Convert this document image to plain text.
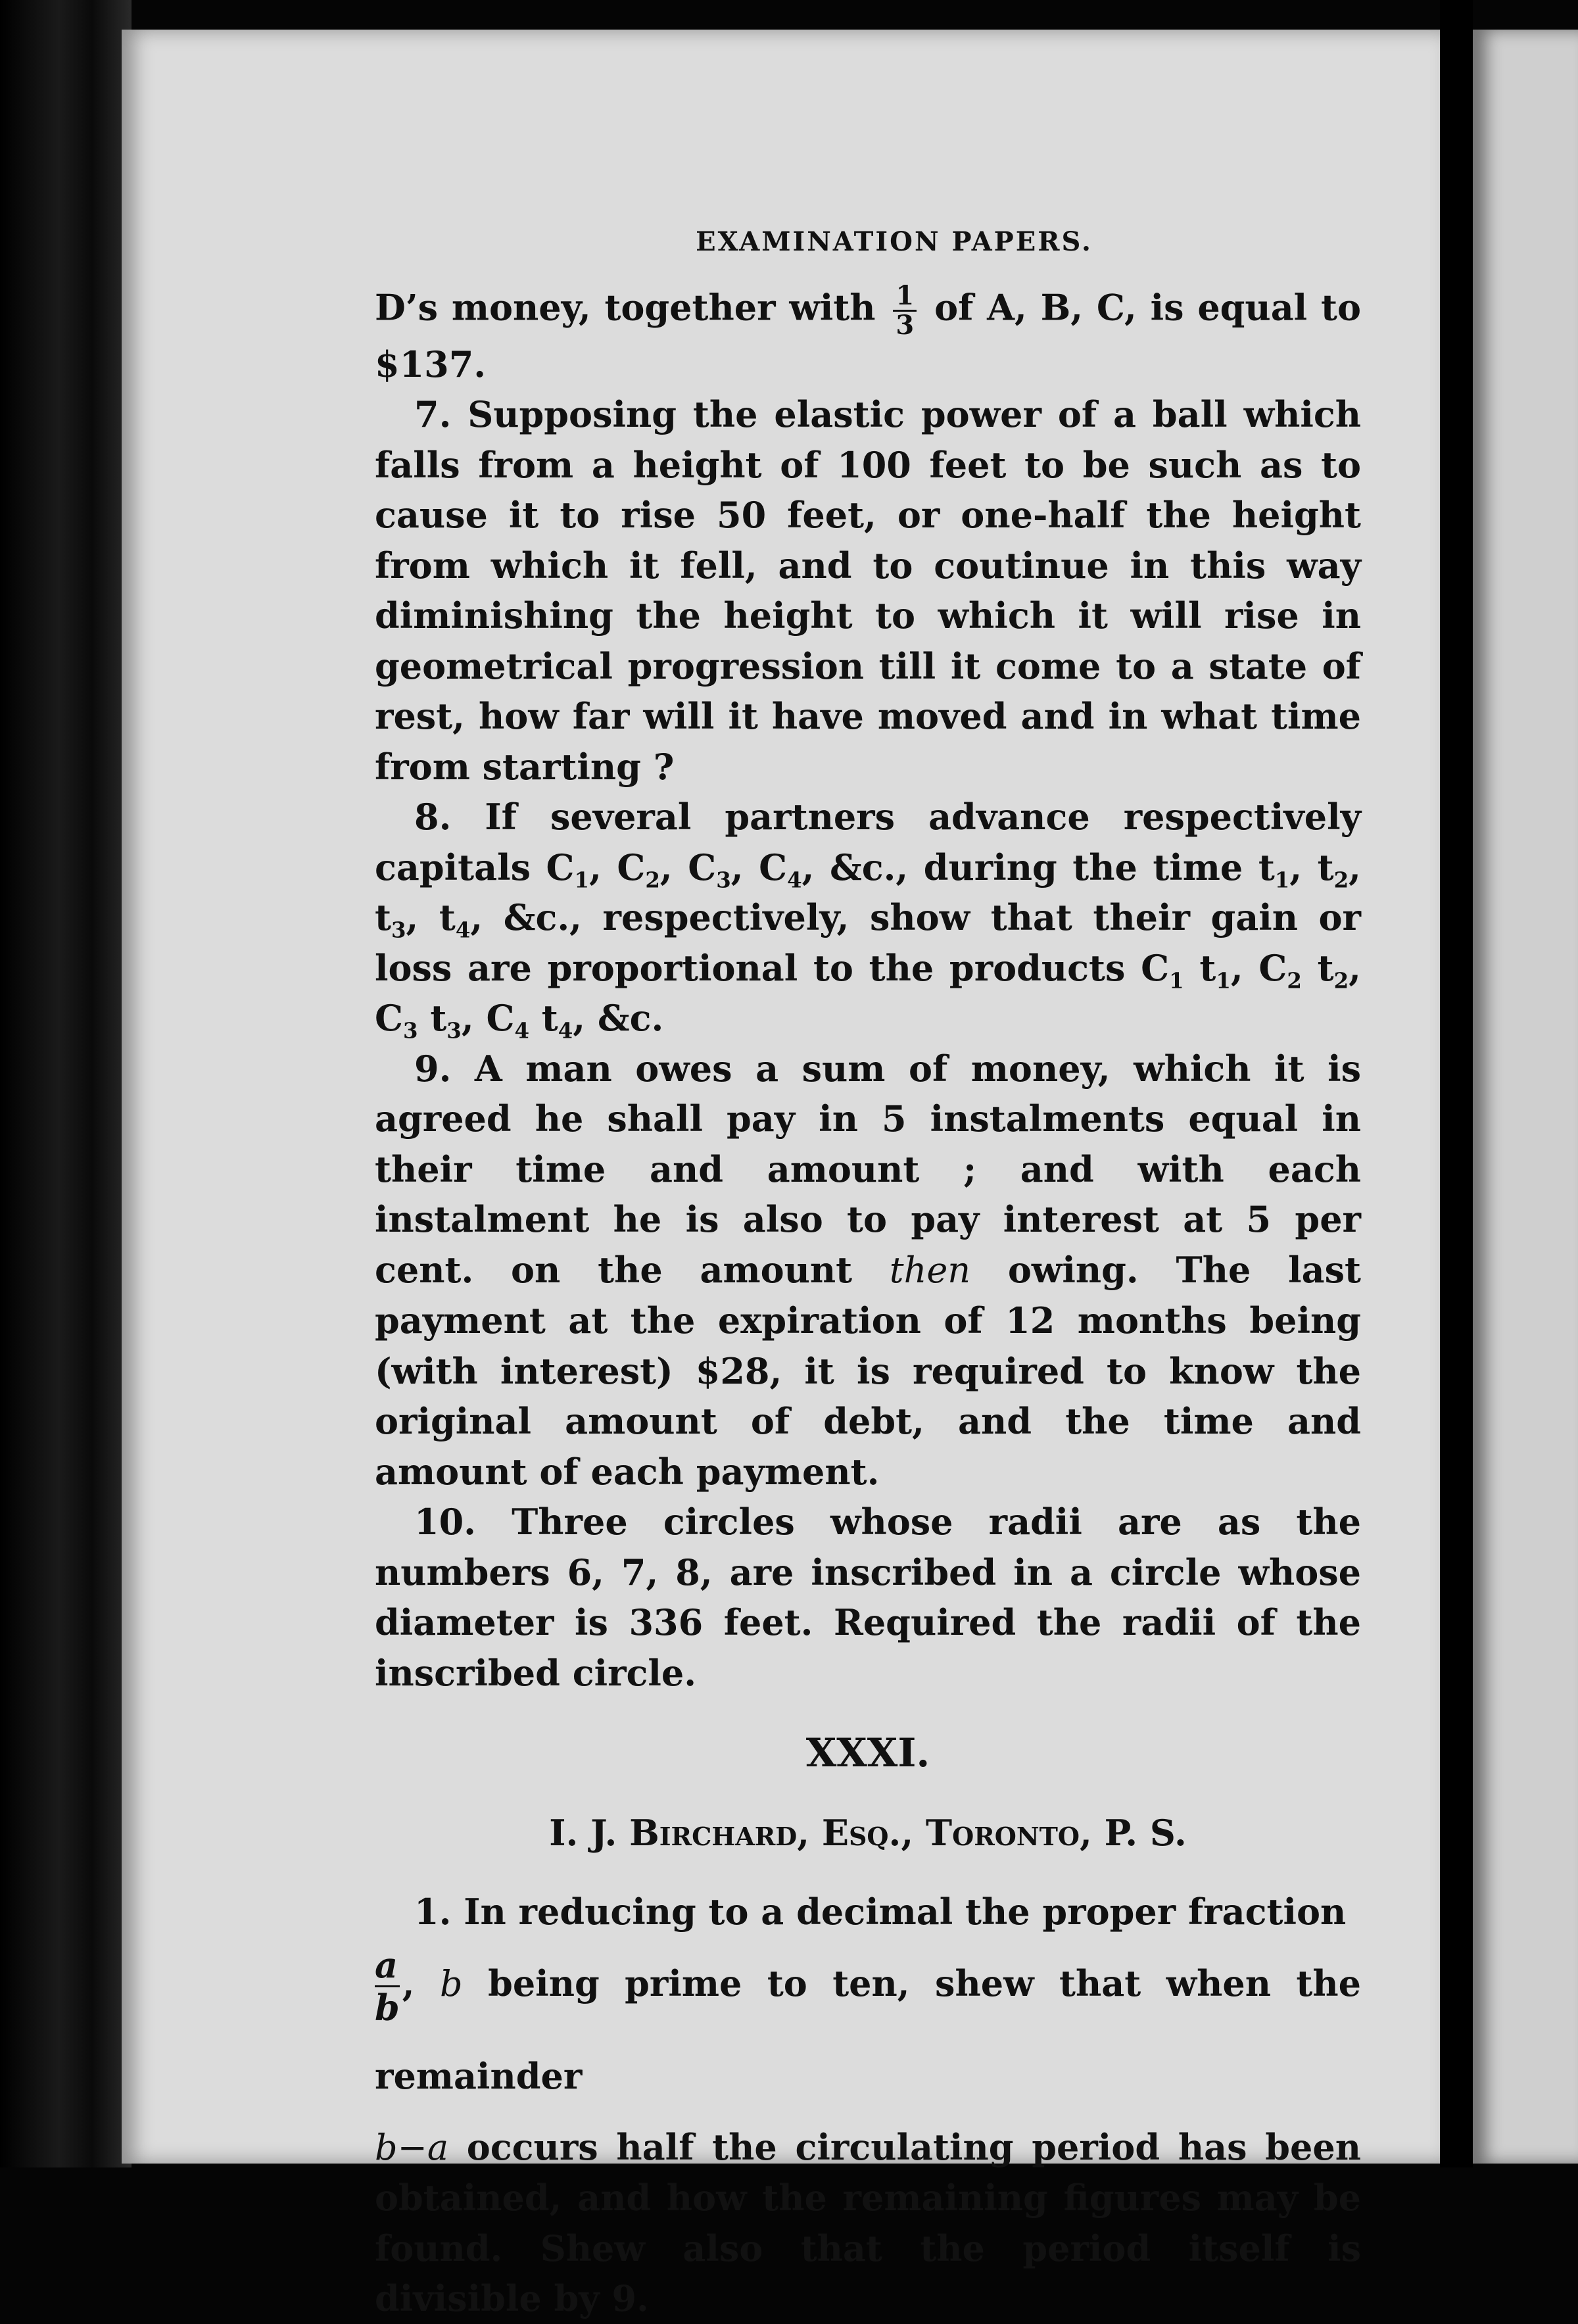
EXAMINATION PAPERS.

D’s money, together with $\frac{1}{3}$ of A, B, C, is equal to $137.

7. Supposing the elastic power of a ball which falls from a height of 100 feet to be such as to cause it to rise 50 feet, or one-half the height from which it fell, and to coutinue in this way diminishing the height to which it will rise in geometrical progression till it come to a state of rest, how far will it have moved and in what time from starting ?

8. If several partners advance respectively capitals $C_1$, $C_2$, $C_3$, $C_4$, &c., during the time $t_1$, $t_2$, $t_3$, $t_4$, &c., respectively, show that their gain or loss are proportional to the products $C_1$ $t_1$, $C_2$ $t_2$, $C_3$ $t_3$, $C_4$ $t_4$, &c.

9. A man owes a sum of money, which it is agreed he shall pay in 5 instalments equal in their time and amount ; and with each instalment he is also to pay interest at 5 per cent. on the amount then owing. The last payment at the expiration of 12 months being (with interest) $28, it is required to know the original amount of debt, and the time and amount of each payment.

10. Three circles whose radii are as the numbers 6, 7, 8, are inscribed in a circle whose diameter is 336 feet. Required the radii of the inscribed circle.

XXXI.
I. J. Birchard, Esq., Toronto, P. S.

1. In reducing to a decimal the proper fraction

$\frac{a}{b}$ , b being prime to ten, shew that when the remainder

b−a occurs half the circulating period has been obtained, and how the remaining figures may be found. Shew also that the period itself is divisible by 9.
